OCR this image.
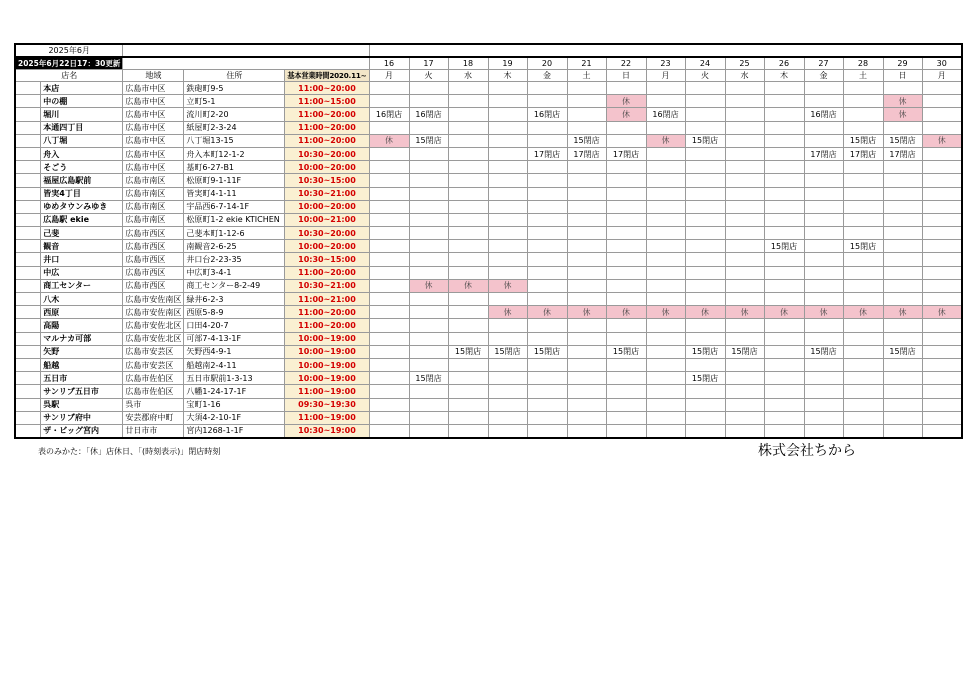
2025年6月																			
2025年6月22日17：30更新					16	17	18	19	20	21	22	23	24	25	26	27	28	29	30
店名		地域	住所	基本営業時間2020.11~	月	火	水	木	金	土	日	月	火	水	木	金	土	日	月
	本店	広島市中区	鉄砲町9-5	11:00~20:00															
	中の棚	広島市中区	立町5-1	11:00~15:00							休							休	
	堀川	広島市中区	流川町2-20	11:00~20:00	16閉店	16閉店			16閉店		休	16閉店				16閉店		休	
	本通四丁目	広島市中区	紙屋町2-3-24	11:00~20:00															
	八丁堀	広島市中区	八丁堀13-15	11:00~20:00	休	15閉店				15閉店		休	15閉店				15閉店	15閉店	休
	舟入	広島市中区	舟入本町12-1-2	10:30~20:00					17閉店	17閉店	17閉店					17閉店	17閉店	17閉店	
	そごう	広島市中区	基町6-27-B1	10:00~20:00															
	福屋広島駅前	広島市南区	松原町9-1-11F	10:30~15:00															
	皆実4丁目	広島市南区	皆実町4-1-11	10:30~21:00															
	ゆめタウンみゆき	広島市南区	宇品西6-7-14-1F	10:00~20:00															
	広島駅 ekie	広島市南区	松原町1-2 ekie KTICHEN	10:00~21:00															
	己斐	広島市西区	己斐本町1-12-6	10:30~20:00															
	観音	広島市西区	南観音2-6-25	10:00~20:00											15閉店		15閉店		
	井口	広島市西区	井口台2-23-35	10:30~15:00															
	中広	広島市西区	中広町3-4-1	11:00~20:00															
	商工センター	広島市西区	商工センター8-2-49	10:30~21:00		休	休	休											
	八木	広島市安佐南区	緑井6-2-3	11:00~21:00															
	西原	広島市安佐南区	西原5-8-9	11:00~20:00				休	休	休	休	休	休	休	休	休	休	休	休
	高陽	広島市安佐北区	口田4-20-7	11:00~20:00															
	マルナカ可部	広島市安佐北区	可部7-4-13-1F	10:00~19:00															
	矢野	広島市安芸区	矢野西4-9-1	10:00~19:00			15閉店	15閉店	15閉店		15閉店		15閉店	15閉店		15閉店		15閉店	
	船越	広島市安芸区	船越南2-4-11	10:00~19:00															
	五日市	広島市佐伯区	五日市駅前1-3-13	10:00~19:00		15閉店							15閉店						
	サンリブ五日市	広島市佐伯区	八幡1-24-17-1F	11:00~19:00															
	呉駅	呉市	宝町1-16	09:30~19:30															
	サンリブ府中	安芸郡府中町	大須4-2-10-1F	11:00~19:00															
	ザ・ビッグ宮内	廿日市市	宮内1268-1-1F	10:30~19:00															
表のみかた：「休」店休日、「(時刻表示)」閉店時刻	株式会社ちから
